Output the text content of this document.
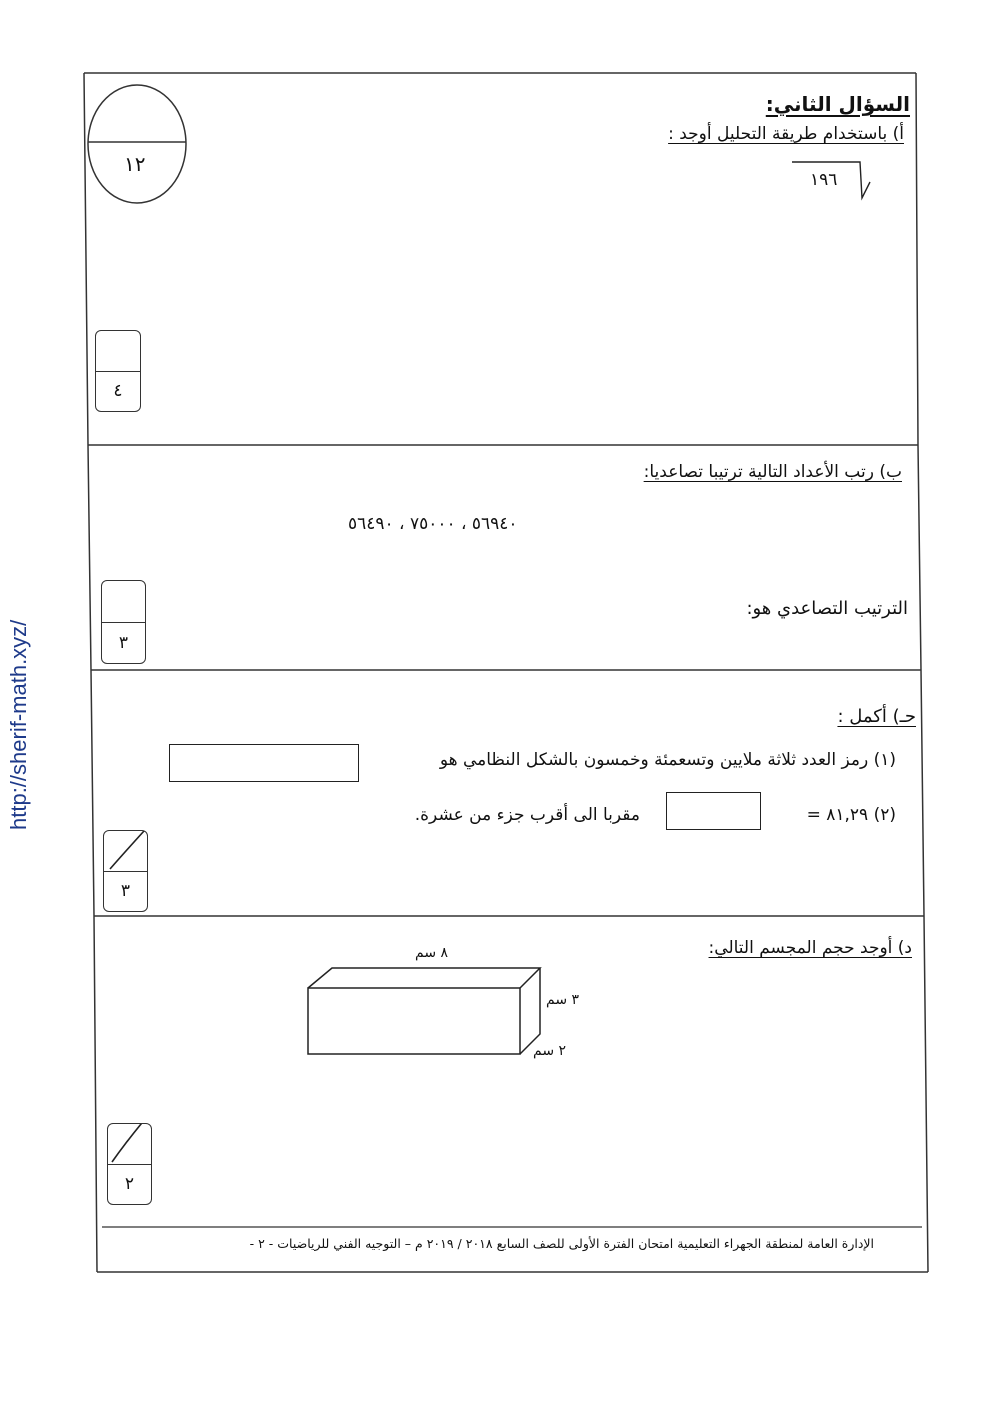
http://sherif-math.xyz/
١٢
السؤال الثاني:
أ) باستخدام طريقة التحليل أوجد :
١٩٦
٤
ب) رتب الأعداد التالية ترتيبا تصاعديا:
٥٦٩٤٠ ، ٧٥٠٠٠ ، ٥٦٤٩٠
الترتيب التصاعدي هو:
٣
حـ) أكمل :
(١) رمز العدد ثلاثة ملايين وتسعمئة وخمسون بالشكل النظامي هو
(٢) ٨١,٢٩ =
مقربا الى أقرب جزء من عشرة.
٣
د) أوجد حجم المجسم التالي:
٨ سم
٣ سم
٢ سم
٢
الإدارة العامة لمنطقة الجهراء التعليمية امتحان الفترة الأولى للصف السابع ٢٠١٨ / ٢٠١٩ م – التوجيه الفني للرياضيات - ٢ -
